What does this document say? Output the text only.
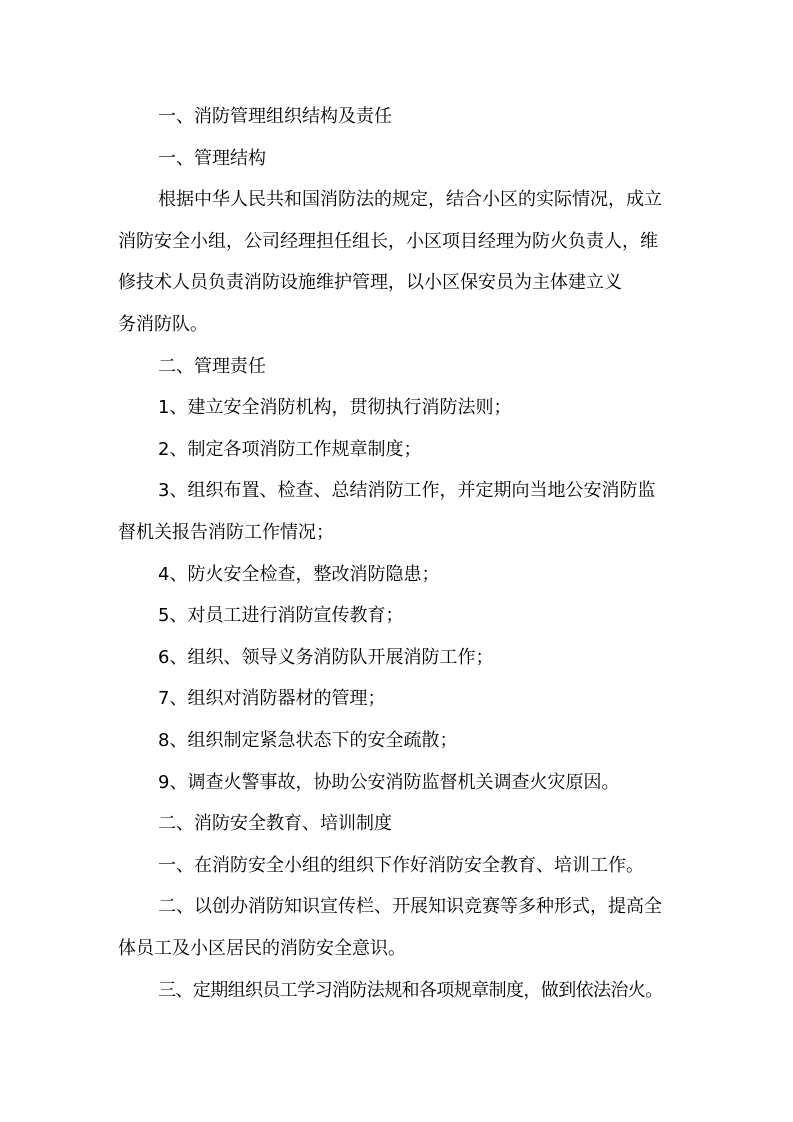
一、消防管理组织结构及责任
一、管理结构
根据中华人民共和国消防法的规定，结合小区的实际情况，成立
消防安全小组，公司经理担任组长，小区项目经理为防火负责人，维
修技术人员负责消防设施维护管理，以小区保安员为主体建立义
务消防队。
二、管理责任
1、建立安全消防机构，贯彻执行消防法则；
2、制定各项消防工作规章制度；
3、组织布置、检查、总结消防工作，并定期向当地公安消防监
督机关报告消防工作情况；
4、防火安全检查，整改消防隐患；
5、对员工进行消防宣传教育；
6、组织、领导义务消防队开展消防工作；
7、组织对消防器材的管理；
8、组织制定紧急状态下的安全疏散；
9、调查火警事故，协助公安消防监督机关调查火灾原因。
二、消防安全教育、培训制度
一、在消防安全小组的组织下作好消防安全教育、培训工作。
二、以创办消防知识宣传栏、开展知识竞赛等多种形式，提高全
体员工及小区居民的消防安全意识。
三、定期组织员工学习消防法规和各项规章制度，做到依法治火。
